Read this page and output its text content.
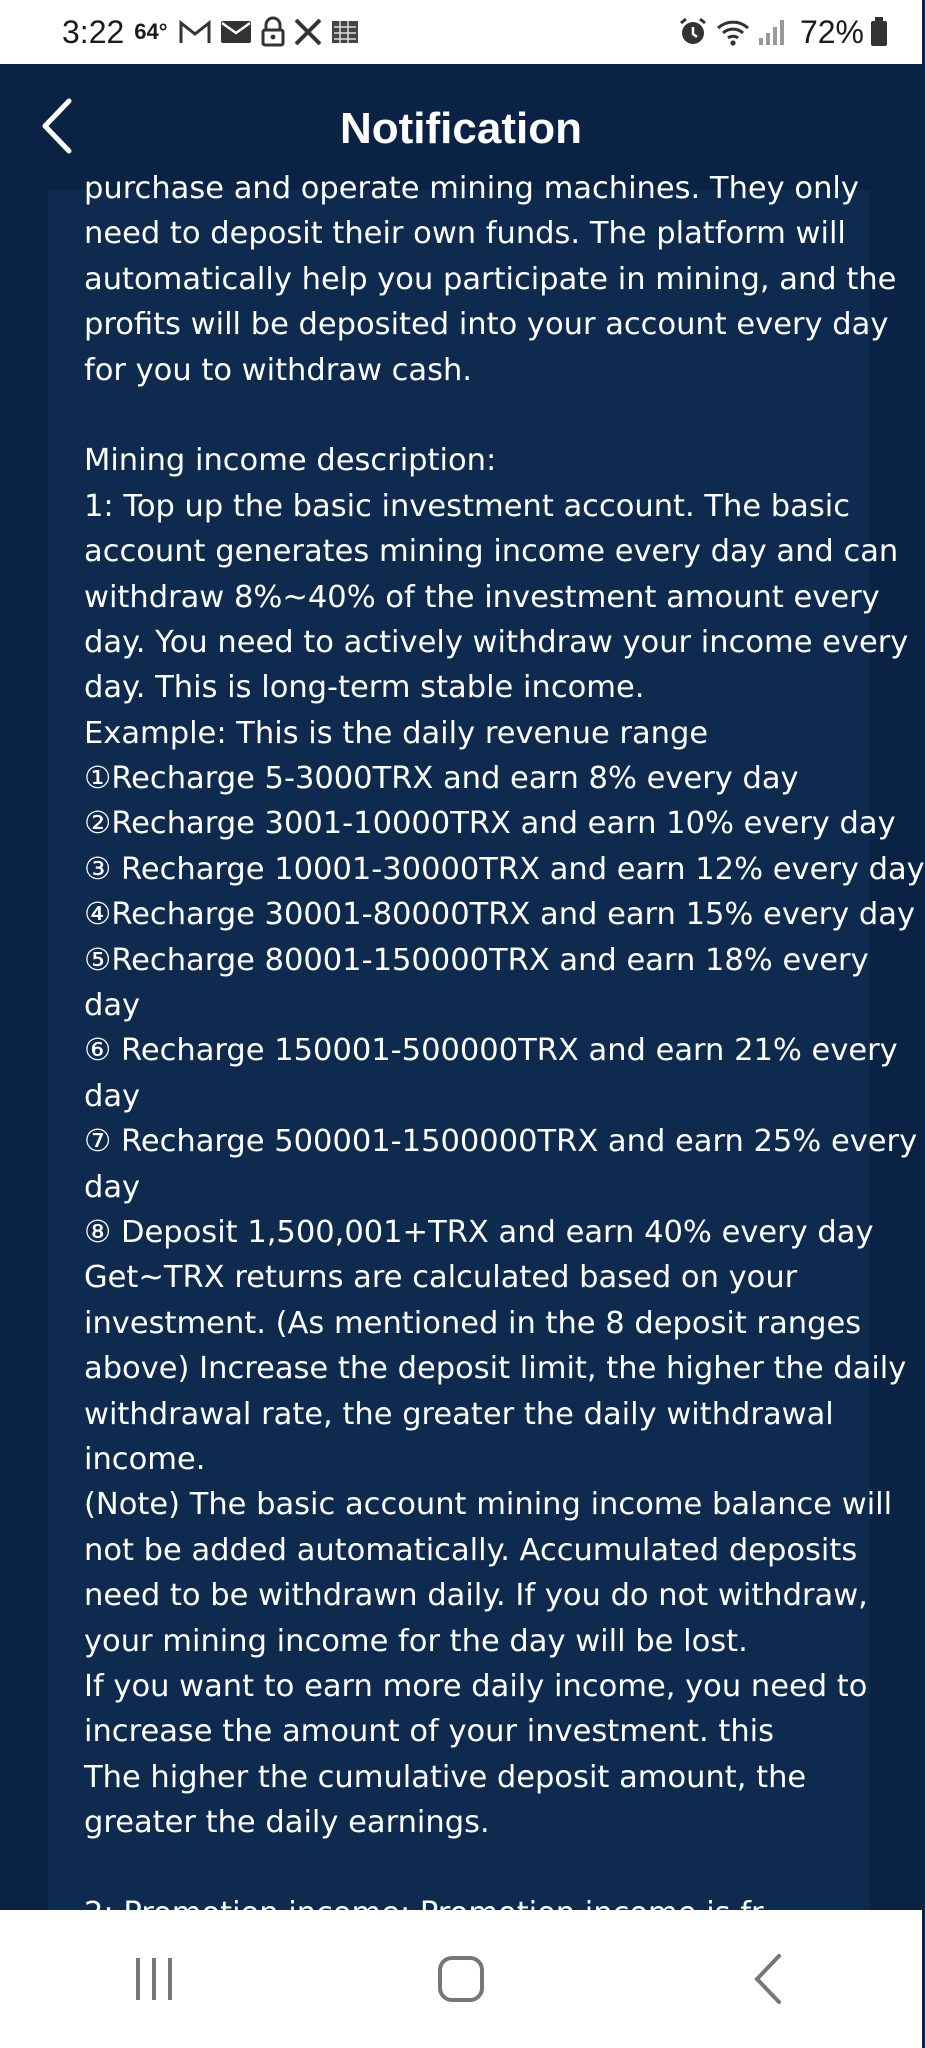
3:22 64°	72%
Notification
purchase and operate mining machines. They only
need to deposit their own funds. The platform will
automatically help you participate in mining, and the
profits will be deposited into your account every day
for you to withdraw cash.
Mining income description:
1: Top up the basic investment account. The basic
account generates mining income every day and can
withdraw 8%~40% of the investment amount every
day. You need to actively withdraw your income every
day. This is long-term stable income.
Example: This is the daily revenue range
①Recharge 5-3000TRX and earn 8% every day
②Recharge 3001-10000TRX and earn 10% every day
③ Recharge 10001-30000TRX and earn 12% every day
④Recharge 30001-80000TRX and earn 15% every day
⑤Recharge 80001-150000TRX and earn 18% every
day
⑥ Recharge 150001-500000TRX and earn 21% every
day
⑦ Recharge 500001-1500000TRX and earn 25% every
day
⑧ Deposit 1,500,001+TRX and earn 40% every day
Get~TRX returns are calculated based on your
investment. (As mentioned in the 8 deposit ranges
above) Increase the deposit limit, the higher the daily
withdrawal rate, the greater the daily withdrawal
income.
(Note) The basic account mining income balance will
not be added automatically. Accumulated deposits
need to be withdrawn daily. If you do not withdraw,
your mining income for the day will be lost.
If you want to earn more daily income, you need to
increase the amount of your investment. this
The higher the cumulative deposit amount, the
greater the daily earnings.
